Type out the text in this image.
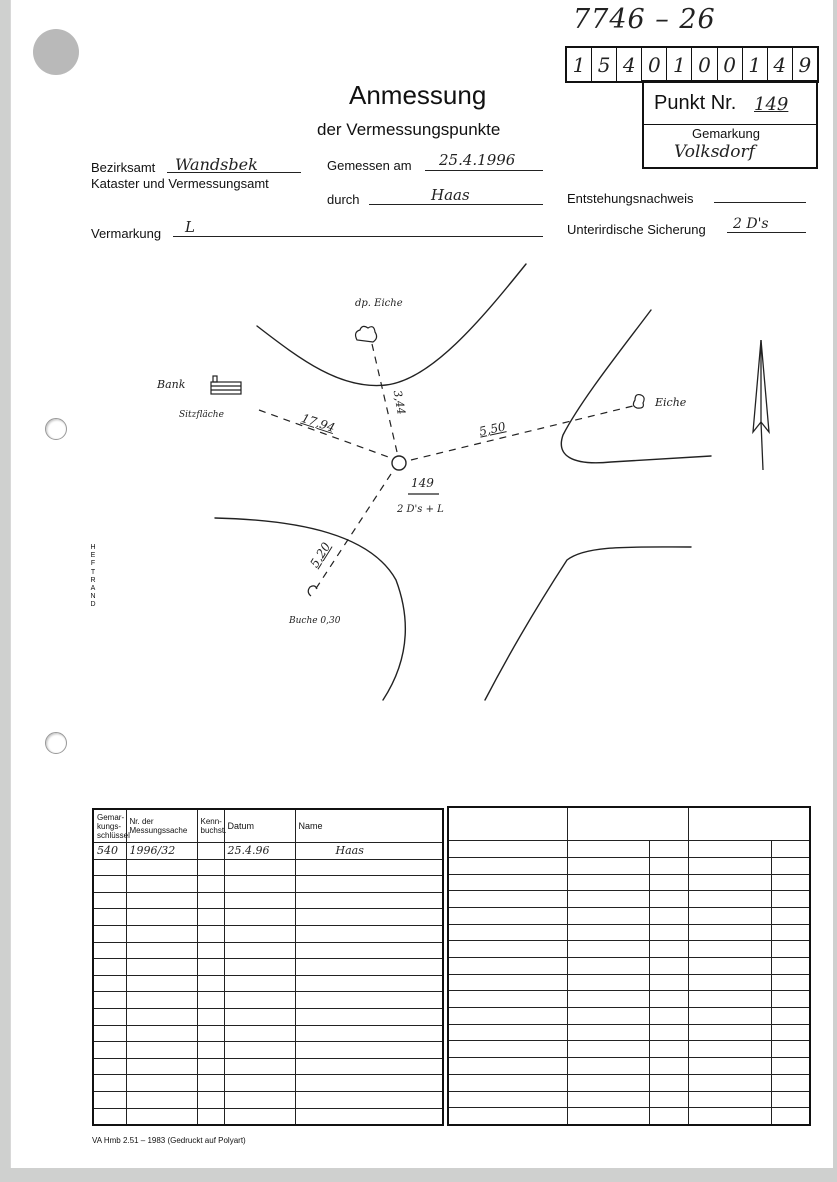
7746 – 26
1 5 4 0 1 0 0 1 4 9
Punkt Nr. 149
Gemarkung
Volksdorf
Anmessung
der Vermessungspunkte
Bezirksamt Wandsbek
Kataster und Vermessungsamt
Gemessen am 25.4.1996
durch	Haas	Entstehungsnachweis
Vermarkung L	Unterirdische Sicherung 2 D's
dp. Eiche
Eiche
Bank
Sitzfläche
Buche 0,30
3,44
17,94	5,50
5,20
149
2 D's + L
H
E
F
T
R
A
N
D
Gemar-kungs-schlüssel	Nr. der Messungssache	Kenn-buchst.	Datum	Name
540	1996/32		25.4.96	Haas

VA Hmb 2.51 – 1983 (Gedruckt auf Polyart)
